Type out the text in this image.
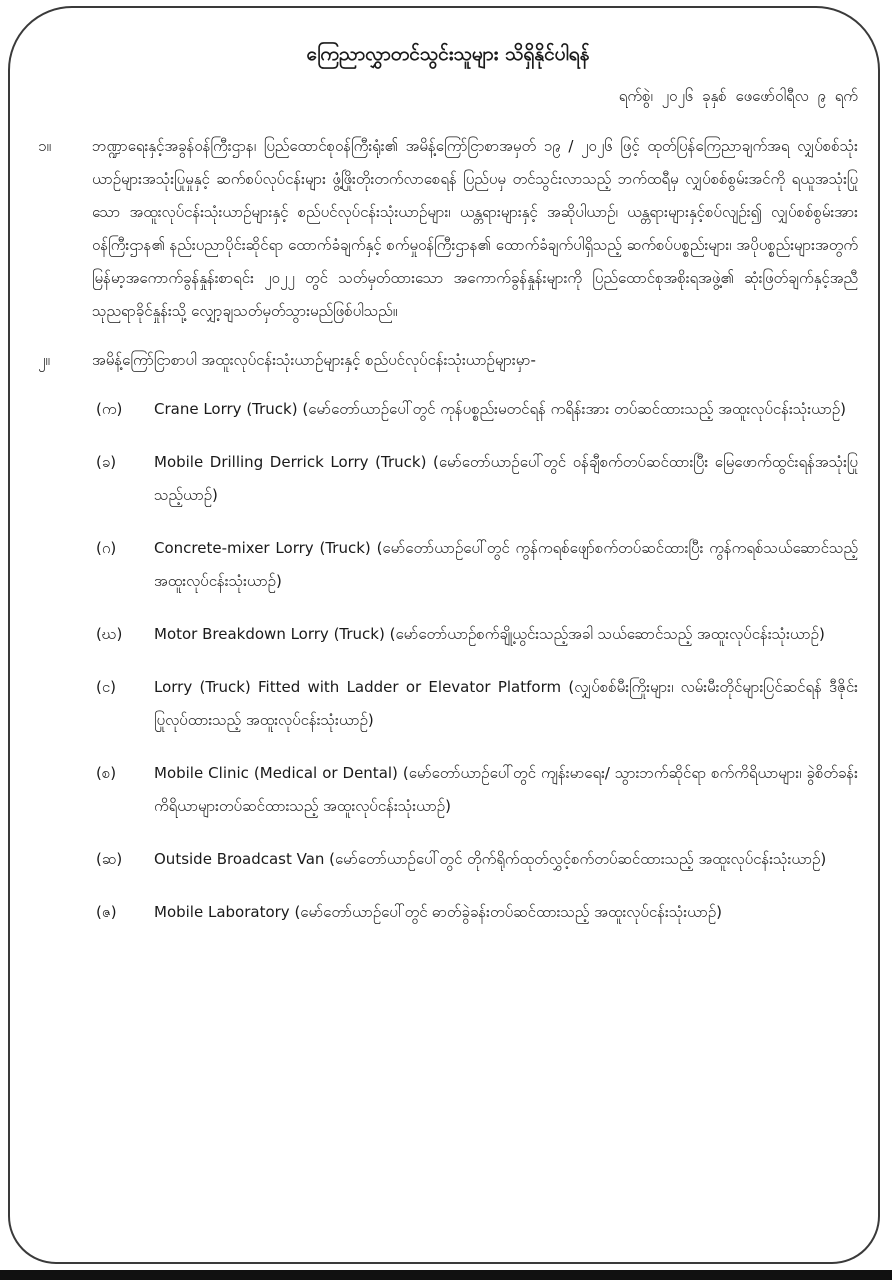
ကြေညာလွှာတင်သွင်းသူများ သိရှိနိုင်ပါရန်
ရက်စွဲ၊ ၂၀၂၆ ခုနှစ် ဖေဖော်ဝါရီလ ၉ ရက်
၁။	ဘဏ္ဍာရေးနှင့်အခွန်ဝန်ကြီးဌာန၊ ပြည်ထောင်စုဝန်ကြီးရုံး၏ အမိန့်ကြော်ငြာစာအမှတ် ၁၉ / ၂၀၂၆ ဖြင့် ထုတ်ပြန်ကြေညာချက်အရ လျှပ်စစ်သုံးယာဉ်များအသုံးပြုမှုနှင့် ဆက်စပ်လုပ်ငန်းများ ဖွံ့ဖြိုးတိုးတက်လာစေရန် ပြည်ပမှ တင်သွင်းလာသည့် ဘက်ထရီမှ လျှပ်စစ်စွမ်းအင်ကို ရယူအသုံးပြုသော အထူးလုပ်ငန်းသုံးယာဉ်များနှင့် စည်ပင်လုပ်ငန်းသုံးယာဉ်များ၊ ယန္တရားများနှင့် အဆိုပါယာဉ်၊ ယန္တရားများနှင့်စပ်လျဉ်း၍ လျှပ်စစ်စွမ်းအားဝန်ကြီးဌာန၏ နည်းပညာပိုင်းဆိုင်ရာ ထောက်ခံချက်နှင့် စက်မှုဝန်ကြီးဌာန၏ ထောက်ခံချက်ပါရှိသည့် ဆက်စပ်ပစ္စည်းများ၊ အပိုပစ္စည်းများအတွက် မြန်မာ့အကောက်ခွန်နှုန်းစာရင်း ၂၀၂၂ တွင် သတ်မှတ်ထားသော အကောက်ခွန်နှုန်းများကို ပြည်ထောင်စုအစိုးရအဖွဲ့၏ ဆုံးဖြတ်ချက်နှင့်အညီ သုညရာခိုင်နှုန်းသို့ လျှော့ချသတ်မှတ်သွားမည်ဖြစ်ပါသည်။
၂။	အမိန့်ကြော်ငြာစာပါ အထူးလုပ်ငန်းသုံးယာဉ်များနှင့် စည်ပင်လုပ်ငန်းသုံးယာဉ်များမှာ-
(က)	Crane Lorry (Truck) (မော်တော်ယာဉ်ပေါ်တွင် ကုန်ပစ္စည်းမတင်ရန် ကရိန်းအား တပ်ဆင်ထားသည့် အထူးလုပ်ငန်းသုံးယာဉ်)
(ခ)	Mobile Drilling Derrick Lorry (Truck) (မော်တော်ယာဉ်ပေါ်တွင် ဝန်ချီစက်တပ်ဆင်ထားပြီး မြေဖောက်ထွင်းရန်အသုံးပြုသည့်ယာဉ်)
(ဂ)	Concrete-mixer Lorry (Truck) (မော်တော်ယာဉ်ပေါ်တွင် ကွန်ကရစ်ဖျော်စက်တပ်ဆင်ထားပြီး ကွန်ကရစ်သယ်ဆောင်သည့် အထူးလုပ်ငန်းသုံးယာဉ်)
(ဃ)	Motor Breakdown Lorry (Truck) (မော်တော်ယာဉ်စက်ချို့ယွင်းသည့်အခါ သယ်ဆောင်သည့် အထူးလုပ်ငန်းသုံးယာဉ်)
(င)	Lorry (Truck) Fitted with Ladder or Elevator Platform (လျှပ်စစ်မီးကြိုးများ၊ လမ်းမီးတိုင်များပြင်ဆင်ရန် ဒီဇိုင်းပြုလုပ်ထားသည့် အထူးလုပ်ငန်းသုံးယာဉ်)
(စ)	Mobile Clinic (Medical or Dental) (မော်တော်ယာဉ်ပေါ်တွင် ကျန်းမာရေး/ သွားဘက်ဆိုင်ရာ စက်ကိရိယာများ၊ ခွဲစိတ်ခန်းကိရိယာများတပ်ဆင်ထားသည့် အထူးလုပ်ငန်းသုံးယာဉ်)
(ဆ)	Outside Broadcast Van (မော်တော်ယာဉ်ပေါ်တွင် တိုက်ရိုက်ထုတ်လွှင့်စက်တပ်ဆင်ထားသည့် အထူးလုပ်ငန်းသုံးယာဉ်)
(ဇ)	Mobile Laboratory (မော်တော်ယာဉ်ပေါ်တွင် ဓာတ်ခွဲခန်းတပ်ဆင်ထားသည့် အထူးလုပ်ငန်းသုံးယာဉ်)
